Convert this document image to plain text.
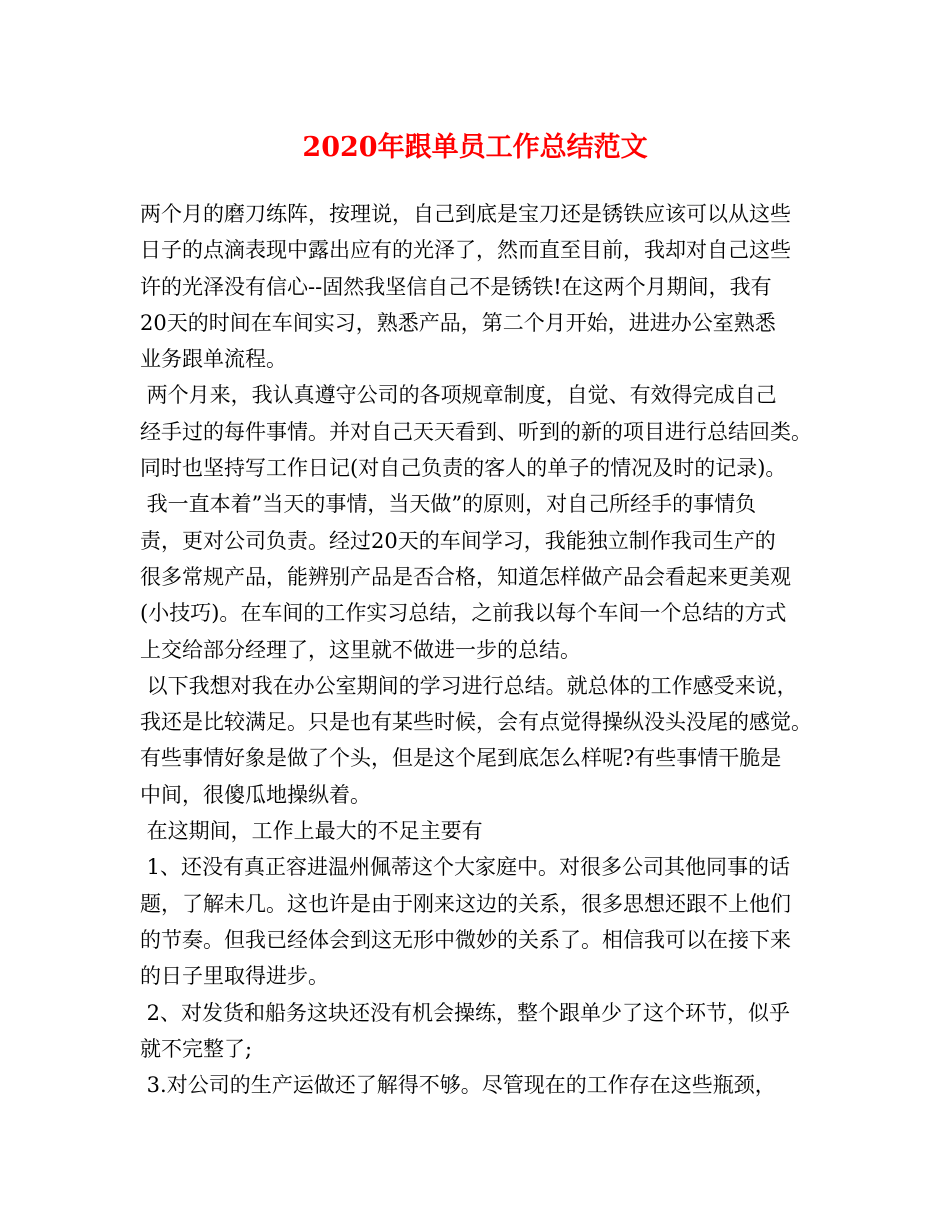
2020年跟单员工作总结范文
两个月的磨刀练阵，按理说，自己到底是宝刀还是锈铁应该可以从这些
日子的点滴表现中露出应有的光泽了，然而直至目前，我却对自己这些
许的光泽没有信心--固然我坚信自己不是锈铁!在这两个月期间，我有
20天的时间在车间实习，熟悉产品，第二个月开始，进进办公室熟悉
业务跟单流程。
两个月来，我认真遵守公司的各项规章制度，自觉、有效得完成自己
经手过的每件事情。并对自己天天看到、听到的新的项目进行总结回类。
同时也坚持写工作日记(对自己负责的客人的单子的情况及时的记录)。
我一直本着”当天的事情，当天做”的原则，对自己所经手的事情负
责，更对公司负责。经过20天的车间学习，我能独立制作我司生产的
很多常规产品，能辨别产品是否合格，知道怎样做产品会看起来更美观
(小技巧)。在车间的工作实习总结，之前我以每个车间一个总结的方式
上交给部分经理了，这里就不做进一步的总结。
以下我想对我在办公室期间的学习进行总结。就总体的工作感受来说，
我还是比较满足。只是也有某些时候，会有点觉得操纵没头没尾的感觉。
有些事情好象是做了个头，但是这个尾到底怎么样呢?有些事情干脆是
中间，很傻瓜地操纵着。
在这期间，工作上最大的不足主要有
1、还没有真正容进温州佩蒂这个大家庭中。对很多公司其他同事的话
题，了解未几。这也许是由于刚来这边的关系，很多思想还跟不上他们
的节奏。但我已经体会到这无形中微妙的关系了。相信我可以在接下来
的日子里取得进步。
2、对发货和船务这块还没有机会操练，整个跟单少了这个环节，似乎
就不完整了;
3.对公司的生产运做还了解得不够。尽管现在的工作存在这些瓶颈，
